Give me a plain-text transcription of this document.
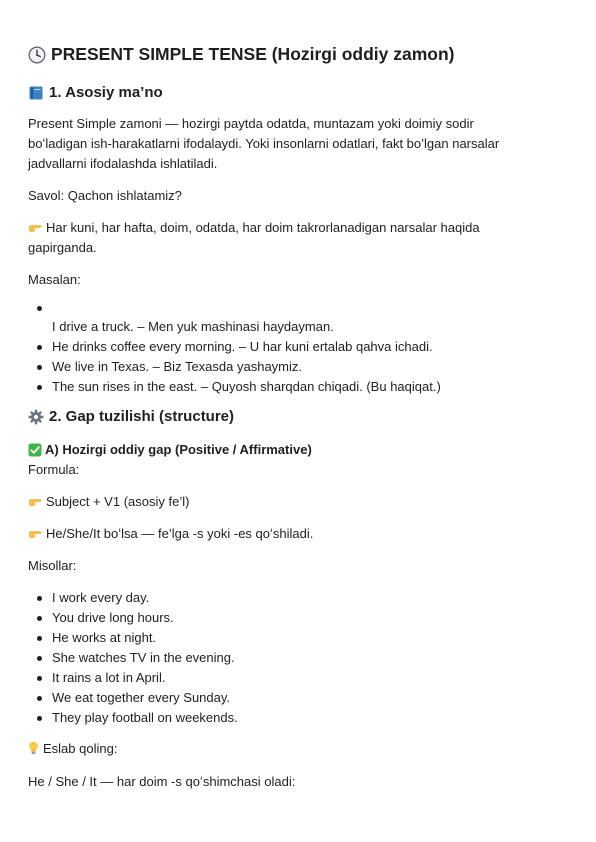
PRESENT SIMPLE TENSE (Hozirgi oddiy zamon)
1. Asosiy ma’no

Present Simple zamoni — hozirgi paytda odatda, muntazam yoki doimiy sodir
boʻladigan ish-harakatlarni ifodalaydi. Yoki insonlarni odatlari, fakt bo’lgan narsalar
jadvallarni ifodalashda ishlatiladi.

Savol: Qachon ishlatamiz?

Har kuni, har hafta, doim, odatda, har doim takrorlanadigan narsalar haqida
gapirganda.

Masalan:

I drive a truck. – Men yuk mashinasi haydayman.
He drinks coffee every morning. – U har kuni ertalab qahva ichadi.
We live in Texas. – Biz Texasda yashaymiz.
The sun rises in the east. – Quyosh sharqdan chiqadi. (Bu haqiqat.)
2. Gap tuzilishi (structure)
A) Hozirgi oddiy gap (Positive / Affirmative)

Formula:

Subject + V1 (asosiy fe’l)

He/She/It boʻlsa — fe’lga -s yoki -es qoʻshiladi.

Misollar:

I work every day.
You drive long hours.
He works at night.
She watches TV in the evening.
It rains a lot in April.
We eat together every Sunday.
They play football on weekends.

Eslab qoling:

He / She / It — har doim -s qoʻshimchasi oladi:
